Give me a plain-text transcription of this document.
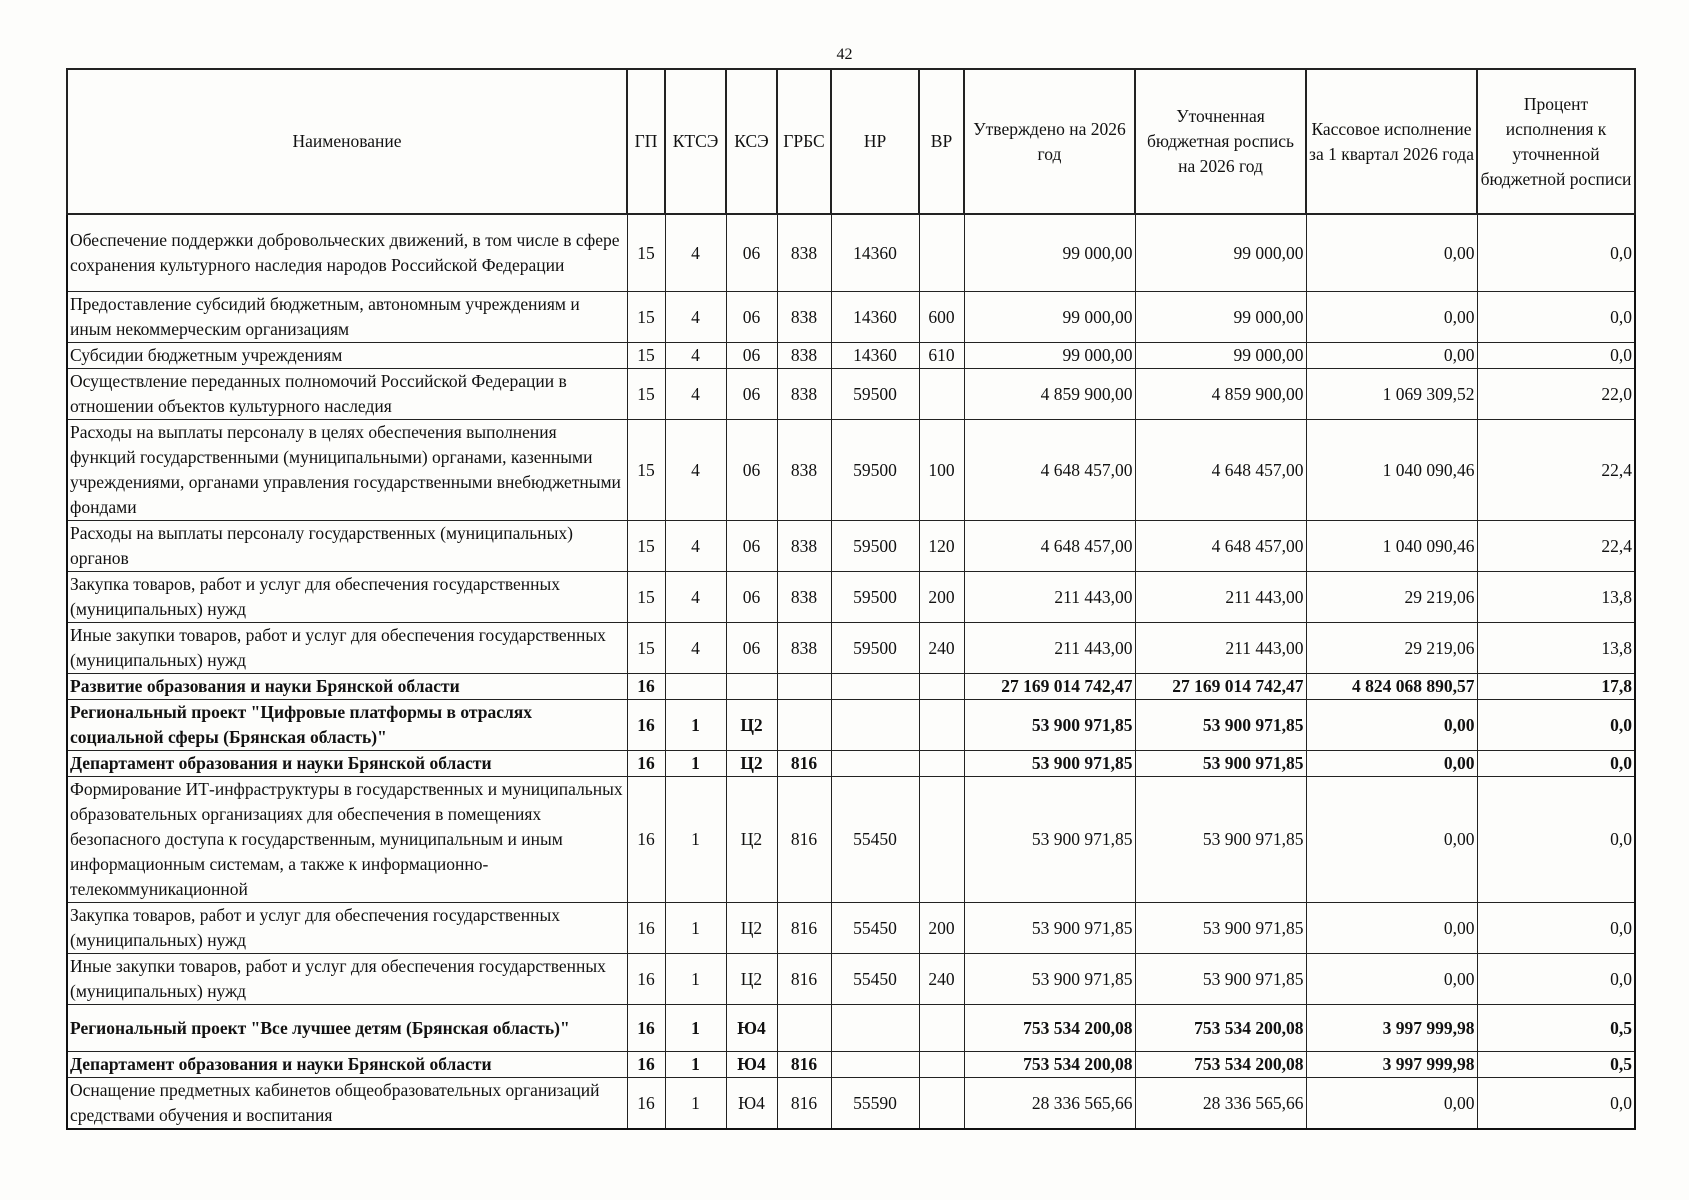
42
Наименование	ГП	КТСЭ	КСЭ	ГРБС	НР	ВР	Утверждено на 2026 год	Уточненная бюджетная роспись на 2026 год	Кассовое исполнение за 1 квартал 2026 года	Процент исполнения к уточненной бюджетной росписи
Обеспечение поддержки добровольческих движений, в том числе в сфере сохранения культурного наследия народов Российской Федерации	15	4	06	838	14360		99 000,00	99 000,00	0,00	0,0
Предоставление субсидий бюджетным, автономным учреждениям и иным некоммерческим организациям	15	4	06	838	14360	600	99 000,00	99 000,00	0,00	0,0
Субсидии бюджетным учреждениям	15	4	06	838	14360	610	99 000,00	99 000,00	0,00	0,0
Осуществление переданных полномочий Российской Федерации в отношении объектов культурного наследия	15	4	06	838	59500		4 859 900,00	4 859 900,00	1 069 309,52	22,0
Расходы на выплаты персоналу в целях обеспечения выполнения функций государственными (муниципальными) органами, казенными учреждениями, органами управления государственными внебюджетными фондами	15	4	06	838	59500	100	4 648 457,00	4 648 457,00	1 040 090,46	22,4
Расходы на выплаты персоналу государственных (муниципальных) органов	15	4	06	838	59500	120	4 648 457,00	4 648 457,00	1 040 090,46	22,4
Закупка товаров, работ и услуг для обеспечения государственных (муниципальных) нужд	15	4	06	838	59500	200	211 443,00	211 443,00	29 219,06	13,8
Иные закупки товаров, работ и услуг для обеспечения государственных (муниципальных) нужд	15	4	06	838	59500	240	211 443,00	211 443,00	29 219,06	13,8
Развитие образования и науки Брянской области	16						27 169 014 742,47	27 169 014 742,47	4 824 068 890,57	17,8
Региональный проект "Цифровые платформы в отраслях социальной сферы (Брянская область)"	16	1	Ц2				53 900 971,85	53 900 971,85	0,00	0,0
Департамент образования и науки Брянской области	16	1	Ц2	816			53 900 971,85	53 900 971,85	0,00	0,0
Формирование ИТ-инфраструктуры в государственных и муниципальных образовательных организациях для обеспечения в помещениях безопасного доступа к государственным, муниципальным и иным информационным системам, а также к информационно-телекоммуникационной	16	1	Ц2	816	55450		53 900 971,85	53 900 971,85	0,00	0,0
Закупка товаров, работ и услуг для обеспечения государственных (муниципальных) нужд	16	1	Ц2	816	55450	200	53 900 971,85	53 900 971,85	0,00	0,0
Иные закупки товаров, работ и услуг для обеспечения государственных (муниципальных) нужд	16	1	Ц2	816	55450	240	53 900 971,85	53 900 971,85	0,00	0,0
Региональный проект "Все лучшее детям (Брянская область)"	16	1	Ю4				753 534 200,08	753 534 200,08	3 997 999,98	0,5
Департамент образования и науки Брянской области	16	1	Ю4	816			753 534 200,08	753 534 200,08	3 997 999,98	0,5
Оснащение предметных кабинетов общеобразовательных организаций средствами обучения и воспитания	16	1	Ю4	816	55590		28 336 565,66	28 336 565,66	0,00	0,0
